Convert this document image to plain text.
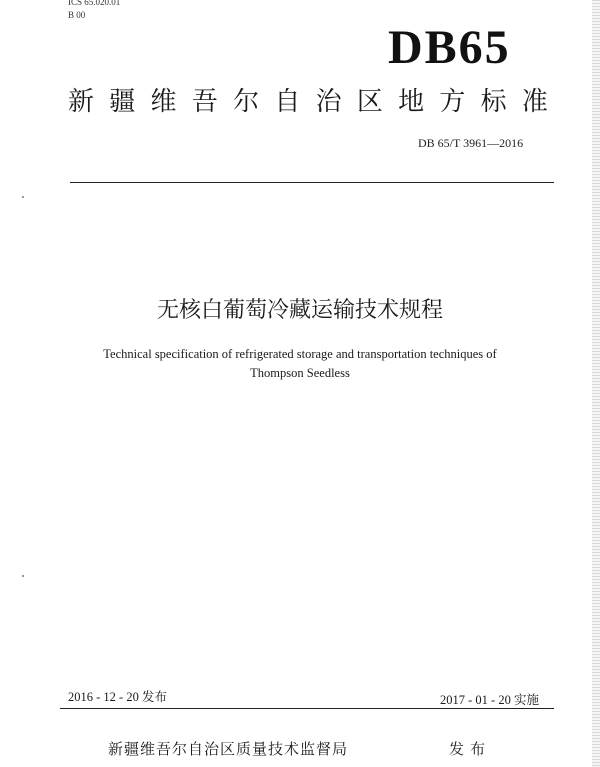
ICS 65.020.01
B 00
DB65
新 疆 维 吾 尔 自 治 区 地 方 标 准
DB 65/T 3961—2016
无核白葡萄冷藏运输技术规程
Technical specification of refrigerated storage and transportation techniques of
Thompson Seedless
2016 - 12 - 20 发布	2017 - 01 - 20 实施
新疆维吾尔自治区质量技术监督局	发布
